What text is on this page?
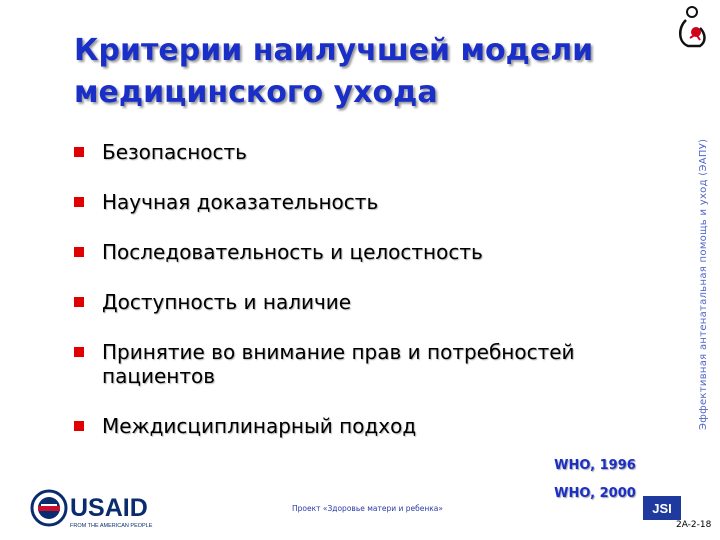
Критерии наилучшей модели
медицинского ухода
Безопасность
Научная доказательность
Последовательность и целостность
Доступность и наличие
Принятие во внимание прав и потребностей пациентов
Междисциплинарный подход	Эффективная антенатальная помощь и уход (ЭАПУ)
WHO, 1996
WHO, 2000
USAID
FROM THE AMERICAN PEOPLE
Проект «Здоровье матери и ребенка»	JSI
2A-2-18
